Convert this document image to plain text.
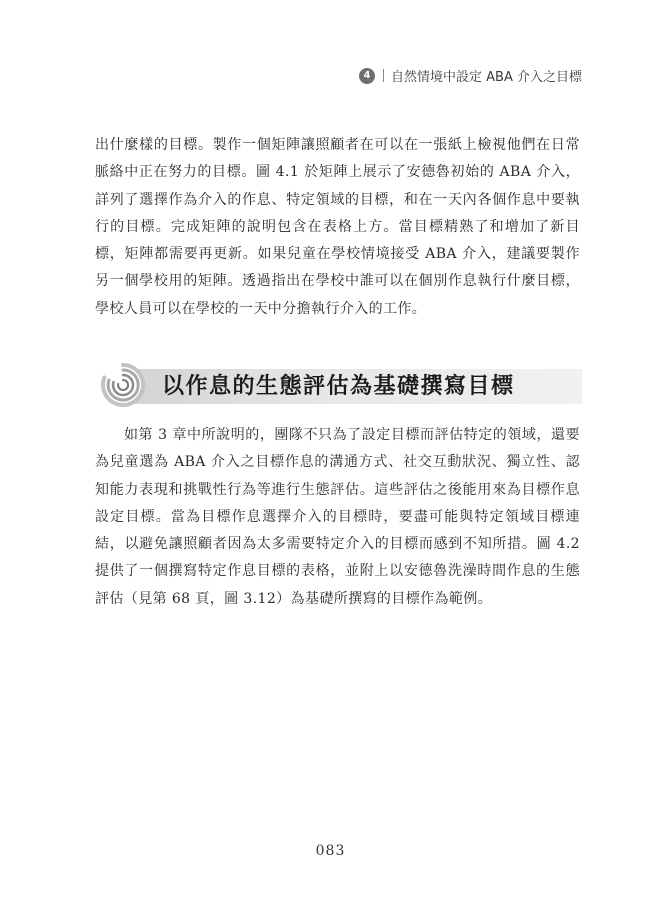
4	自然情境中設定 ABA 介入之目標
出什麼樣的目標。製作一個矩陣讓照顧者在可以在一張紙上檢視他們在日常脈絡中正在努力的目標。圖 4.1 於矩陣上展示了安德魯初始的 ABA 介入，詳列了選擇作為介入的作息、特定領域的目標，和在一天內各個作息中要執行的目標。完成矩陣的說明包含在表格上方。當目標精熟了和增加了新目標，矩陣都需要再更新。如果兒童在學校情境接受 ABA 介入，建議要製作另一個學校用的矩陣。透過指出在學校中誰可以在個別作息執行什麼目標，學校人員可以在學校的一天中分擔執行介入的工作。
以作息的生態評估為基礎撰寫目標
如第 3 章中所說明的，團隊不只為了設定目標而評估特定的領域，還要為兒童選為 ABA 介入之目標作息的溝通方式、社交互動狀況、獨立性、認知能力表現和挑戰性行為等進行生態評估。這些評估之後能用來為目標作息設定目標。當為目標作息選擇介入的目標時，要盡可能與特定領域目標連結，以避免讓照顧者因為太多需要特定介入的目標而感到不知所措。圖 4.2 提供了一個撰寫特定作息目標的表格，並附上以安德魯洗澡時間作息的生態評估（見第 68 頁，圖 3.12）為基礎所撰寫的目標作為範例。
083
